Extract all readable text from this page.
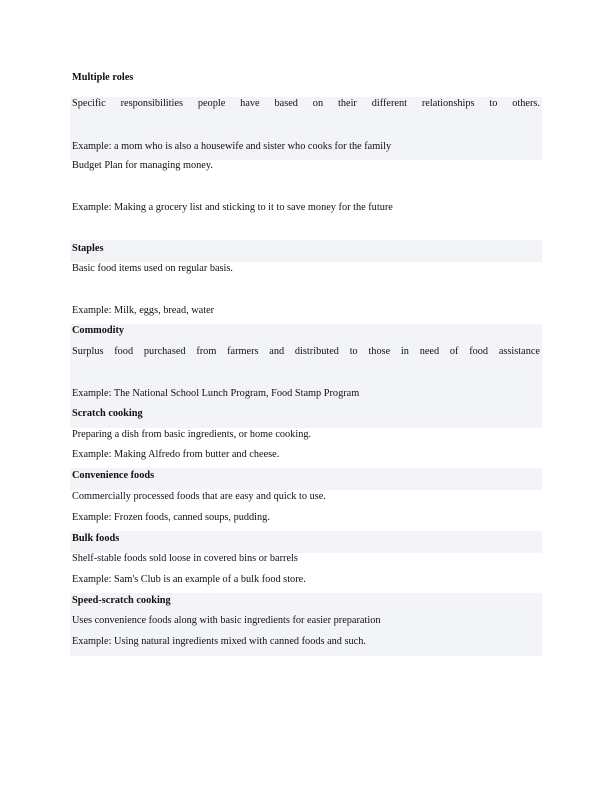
Multiple roles
Specific responsibilities people have based on their different relationships to others.
Example: a mom who is also a housewife and sister who cooks for the family
Budget Plan for managing money.
Example: Making a grocery list and sticking to it to save money for the future
Staples
Basic food items used on regular basis.
Example: Milk, eggs, bread, water
Commodity
Surplus food purchased from farmers and distributed to those in need of food assistance
Example: The National School Lunch Program, Food Stamp Program
Scratch cooking
Preparing a dish from basic ingredients, or home cooking.
Example: Making Alfredo from butter and cheese.
Convenience foods
Commercially processed foods that are easy and quick to use.
Example: Frozen foods, canned soups, pudding.
Bulk foods
Shelf-stable foods sold loose in covered bins or barrels
Example: Sam's Club is an example of a bulk food store.
Speed-scratch cooking
Uses convenience foods along with basic ingredients for easier preparation
Example: Using natural ingredients mixed with canned foods and such.
